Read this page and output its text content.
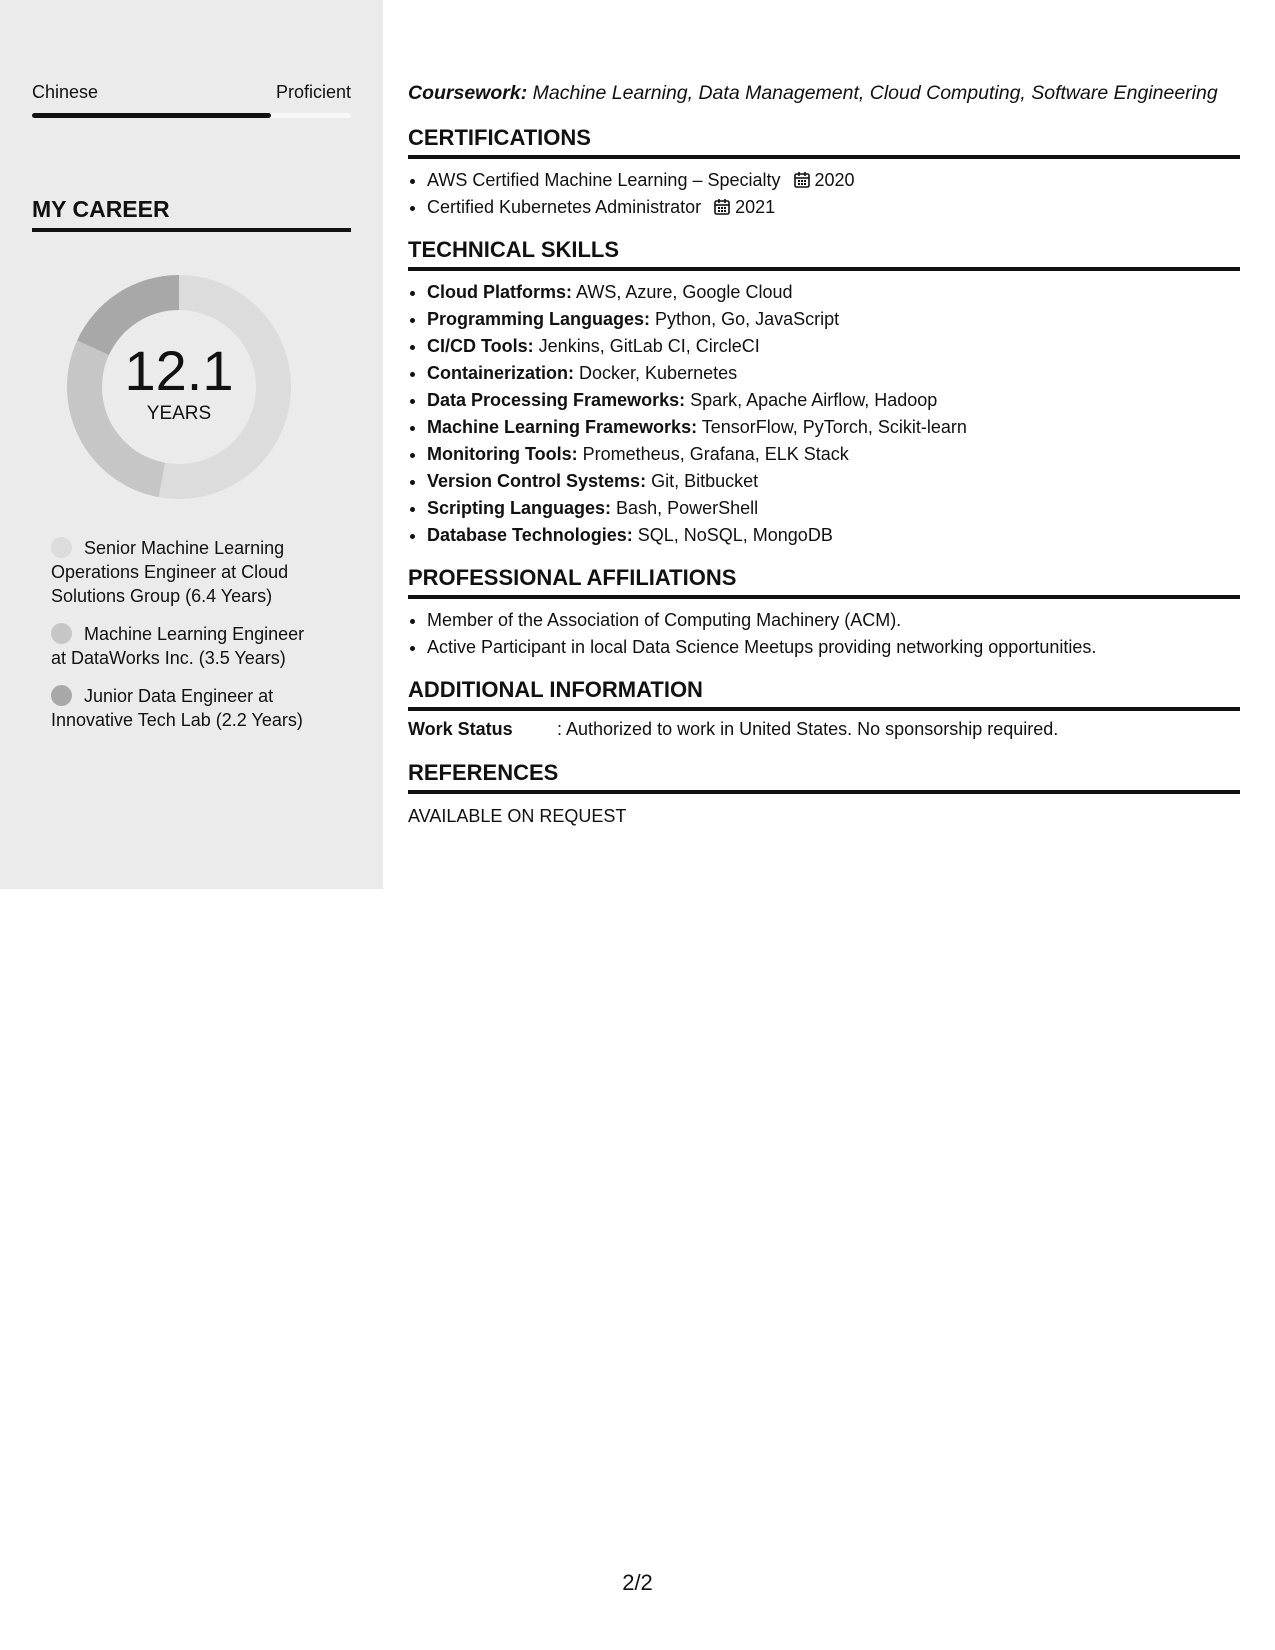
Chinese	Proficient
MY CAREER
12.1
YEARS
Senior Machine Learning Operations Engineer at Cloud Solutions Group (6.4 Years)
Machine Learning Engineer at DataWorks Inc. (3.5 Years)
Junior Data Engineer at Innovative Tech Lab (2.2 Years)

Coursework: Machine Learning, Data Management, Cloud Computing, Software Engineering

CERTIFICATIONS
• AWS Certified Machine Learning – Specialty 2020
• Certified Kubernetes Administrator 2021
TECHNICAL SKILLS
• Cloud Platforms: AWS, Azure, Google Cloud
• Programming Languages: Python, Go, JavaScript
• CI/CD Tools: Jenkins, GitLab CI, CircleCI
• Containerization: Docker, Kubernetes
• Data Processing Frameworks: Spark, Apache Airflow, Hadoop
• Machine Learning Frameworks: TensorFlow, PyTorch, Scikit-learn
• Monitoring Tools: Prometheus, Grafana, ELK Stack
• Version Control Systems: Git, Bitbucket
• Scripting Languages: Bash, PowerShell
• Database Technologies: SQL, NoSQL, MongoDB
PROFESSIONAL AFFILIATIONS
• Member of the Association of Computing Machinery (ACM).
• Active Participant in local Data Science Meetups providing networking opportunities.
ADDITIONAL INFORMATION
Work Status	: Authorized to work in United States. No sponsorship required.
REFERENCES

AVAILABLE ON REQUEST

2/2
